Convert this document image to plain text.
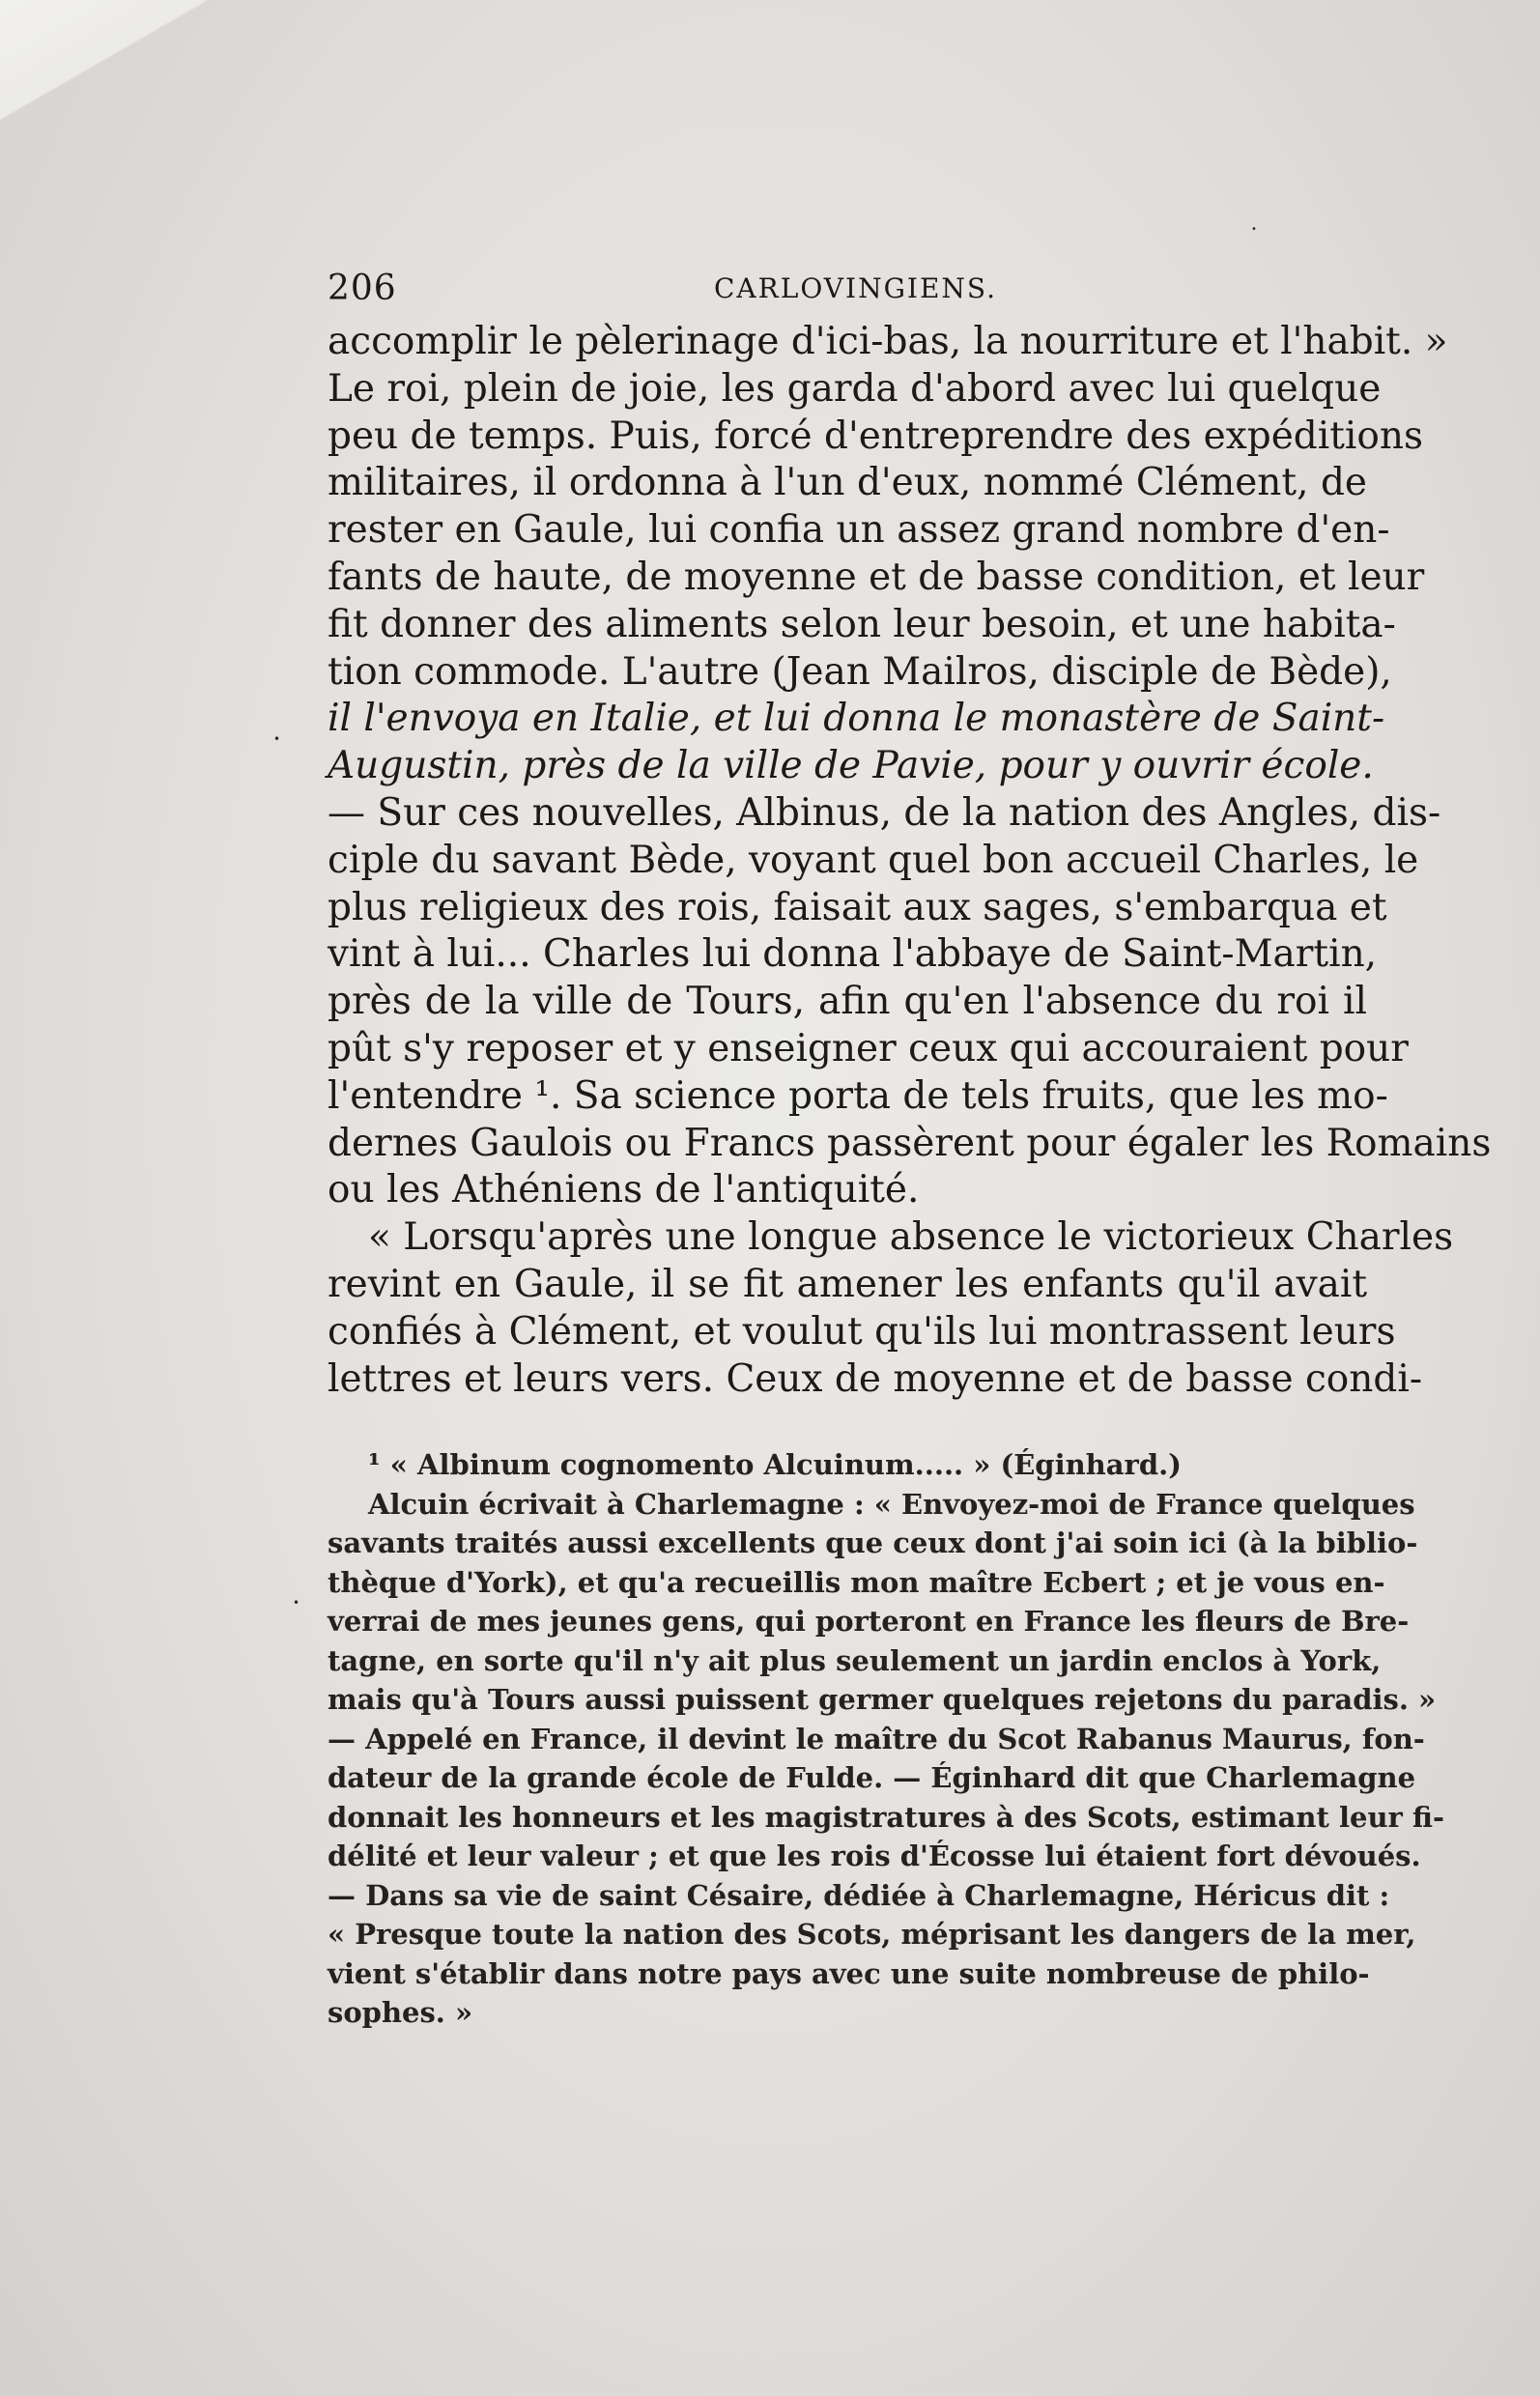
•
•
•
206	CARLOVINGIENS.
accomplir le pèlerinage d'ici-bas, la nourriture et l'habit. »
Le roi, plein de joie, les garda d'abord avec lui quelque
peu de temps. Puis, forcé d'entreprendre des expéditions
militaires, il ordonna à l'un d'eux, nommé Clément, de
rester en Gaule, lui confia un assez grand nombre d'en-
fants de haute, de moyenne et de basse condition, et leur
fit donner des aliments selon leur besoin, et une habita-
tion commode. L'autre (Jean Mailros, disciple de Bède),
il l'envoya en Italie, et lui donna le monastère de Saint-
Augustin, près de la ville de Pavie, pour y ouvrir école.
— Sur ces nouvelles, Albinus, de la nation des Angles, dis-
ciple du savant Bède, voyant quel bon accueil Charles, le
plus religieux des rois, faisait aux sages, s'embarqua et
vint à lui... Charles lui donna l'abbaye de Saint-Martin,
près de la ville de Tours, afin qu'en l'absence du roi il
pût s'y reposer et y enseigner ceux qui accouraient pour
l'entendre ¹. Sa science porta de tels fruits, que les mo-
dernes Gaulois ou Francs passèrent pour égaler les Romains
ou les Athéniens de l'antiquité.
« Lorsqu'après une longue absence le victorieux Charles
revint en Gaule, il se fit amener les enfants qu'il avait
confiés à Clément, et voulut qu'ils lui montrassent leurs
lettres et leurs vers. Ceux de moyenne et de basse condi-
¹ « Albinum cognomento Alcuinum..... » (Éginhard.)
Alcuin écrivait à Charlemagne : « Envoyez-moi de France quelques
savants traités aussi excellents que ceux dont j'ai soin ici (à la biblio-
thèque d'York), et qu'a recueillis mon maître Ecbert ; et je vous en-
verrai de mes jeunes gens, qui porteront en France les fleurs de Bre-
tagne, en sorte qu'il n'y ait plus seulement un jardin enclos à York,
mais qu'à Tours aussi puissent germer quelques rejetons du paradis. »
— Appelé en France, il devint le maître du Scot Rabanus Maurus, fon-
dateur de la grande école de Fulde. — Éginhard dit que Charlemagne
donnait les honneurs et les magistratures à des Scots, estimant leur fi-
délité et leur valeur ; et que les rois d'Écosse lui étaient fort dévoués.
— Dans sa vie de saint Césaire, dédiée à Charlemagne, Héricus dit :
« Presque toute la nation des Scots, méprisant les dangers de la mer,
vient s'établir dans notre pays avec une suite nombreuse de philo-
sophes. »
